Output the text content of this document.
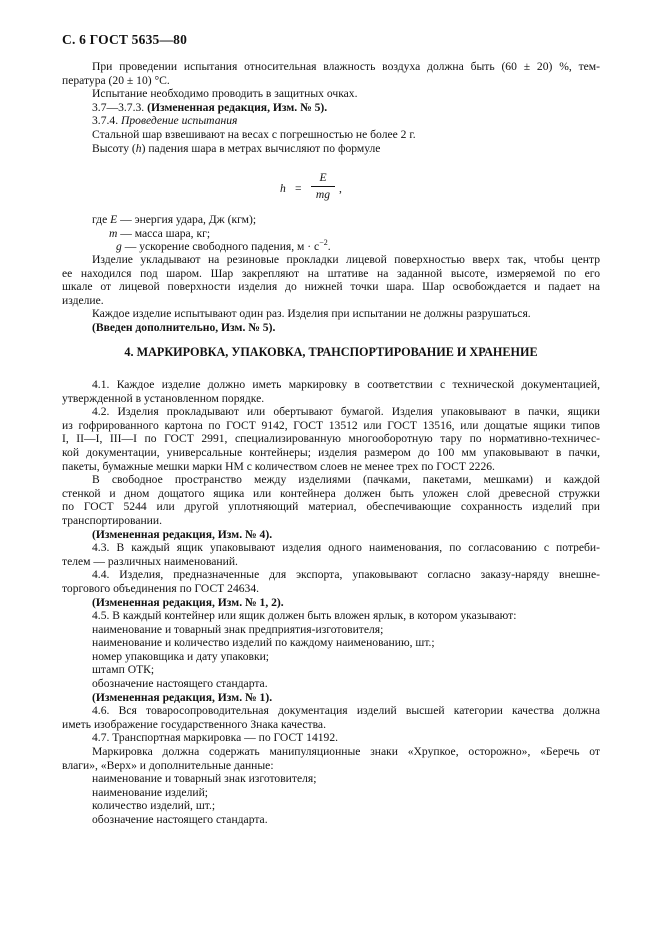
С. 6 ГОСТ 5635—80

При проведении испытания относительная влажность воздуха должна быть (60 ± 20) %, тем-

пература (20 ± 10) °С.

Испытание необходимо проводить в защитных очках.

3.7—3.7.3. (Измененная редакция, Изм. № 5).

3.7.4. Проведение испытания

Стальной шар взвешивают на весах с погрешностью не более 2 г.

Высоту (h) падения шара в метрах вычисляют по формуле

h =
E
mg ,

где E — энергия удара, Дж (кгм);

m — масса шара, кг;

g — ускорение свободного падения, $м \cdot с^{-2}$.

Изделие укладывают на резиновые прокладки лицевой поверхностью вверх так, чтобы центр

ее находился под шаром. Шар закрепляют на штативе на заданной высоте, измеряемой по его

шкале от лицевой поверхности изделия до нижней точки шара. Шар освобождается и падает на

изделие.

Каждое изделие испытывают один раз. Изделия при испытании не должны разрушаться.

(Введен дополнительно, Изм. № 5).

4. МАРКИРОВКА, УПАКОВКА, ТРАНСПОРТИРОВАНИЕ И ХРАНЕНИЕ

4.1. Каждое изделие должно иметь маркировку в соответствии с технической документацией,

утвержденной в установленном порядке.

4.2. Изделия прокладывают или обертывают бумагой. Изделия упаковывают в пачки, ящики

из гофрированного картона по ГОСТ 9142, ГОСТ 13512 или ГОСТ 13516, или дощатые ящики типов

I, II—I, III—I по ГОСТ 2991, специализированную многооборотную тару по нормативно-техничес-

кой документации, универсальные контейнеры; изделия размером до 100 мм упаковывают в пачки,

пакеты, бумажные мешки марки НМ с количеством слоев не менее трех по ГОСТ 2226.

В свободное пространство между изделиями (пачками, пакетами, мешками) и каждой

стенкой и дном дощатого ящика или контейнера должен быть уложен слой древесной стружки

по ГОСТ 5244 или другой уплотняющий материал, обеспечивающие сохранность изделий при

транспортировании.

(Измененная редакция, Изм. № 4).

4.3. В каждый ящик упаковывают изделия одного наименования, по согласованию с потреби-

телем — различных наименований.

4.4. Изделия, предназначенные для экспорта, упаковывают согласно заказу-наряду внешне-

торгового объединения по ГОСТ 24634.

(Измененная редакция, Изм. № 1, 2).

4.5. В каждый контейнер или ящик должен быть вложен ярлык, в котором указывают:

наименование и товарный знак предприятия-изготовителя;

наименование и количество изделий по каждому наименованию, шт.;

номер упаковщика и дату упаковки;

штамп ОТК;

обозначение настоящего стандарта.

(Измененная редакция, Изм. № 1).

4.6. Вся товаросопроводительная документация изделий высшей категории качества должна

иметь изображение государственного Знака качества.

4.7. Транспортная маркировка — по ГОСТ 14192.

Маркировка должна содержать манипуляционные знаки «Хрупкое, осторожно», «Беречь от

влаги», «Верх» и дополнительные данные:

наименование и товарный знак изготовителя;

наименование изделий;

количество изделий, шт.;

обозначение настоящего стандарта.
